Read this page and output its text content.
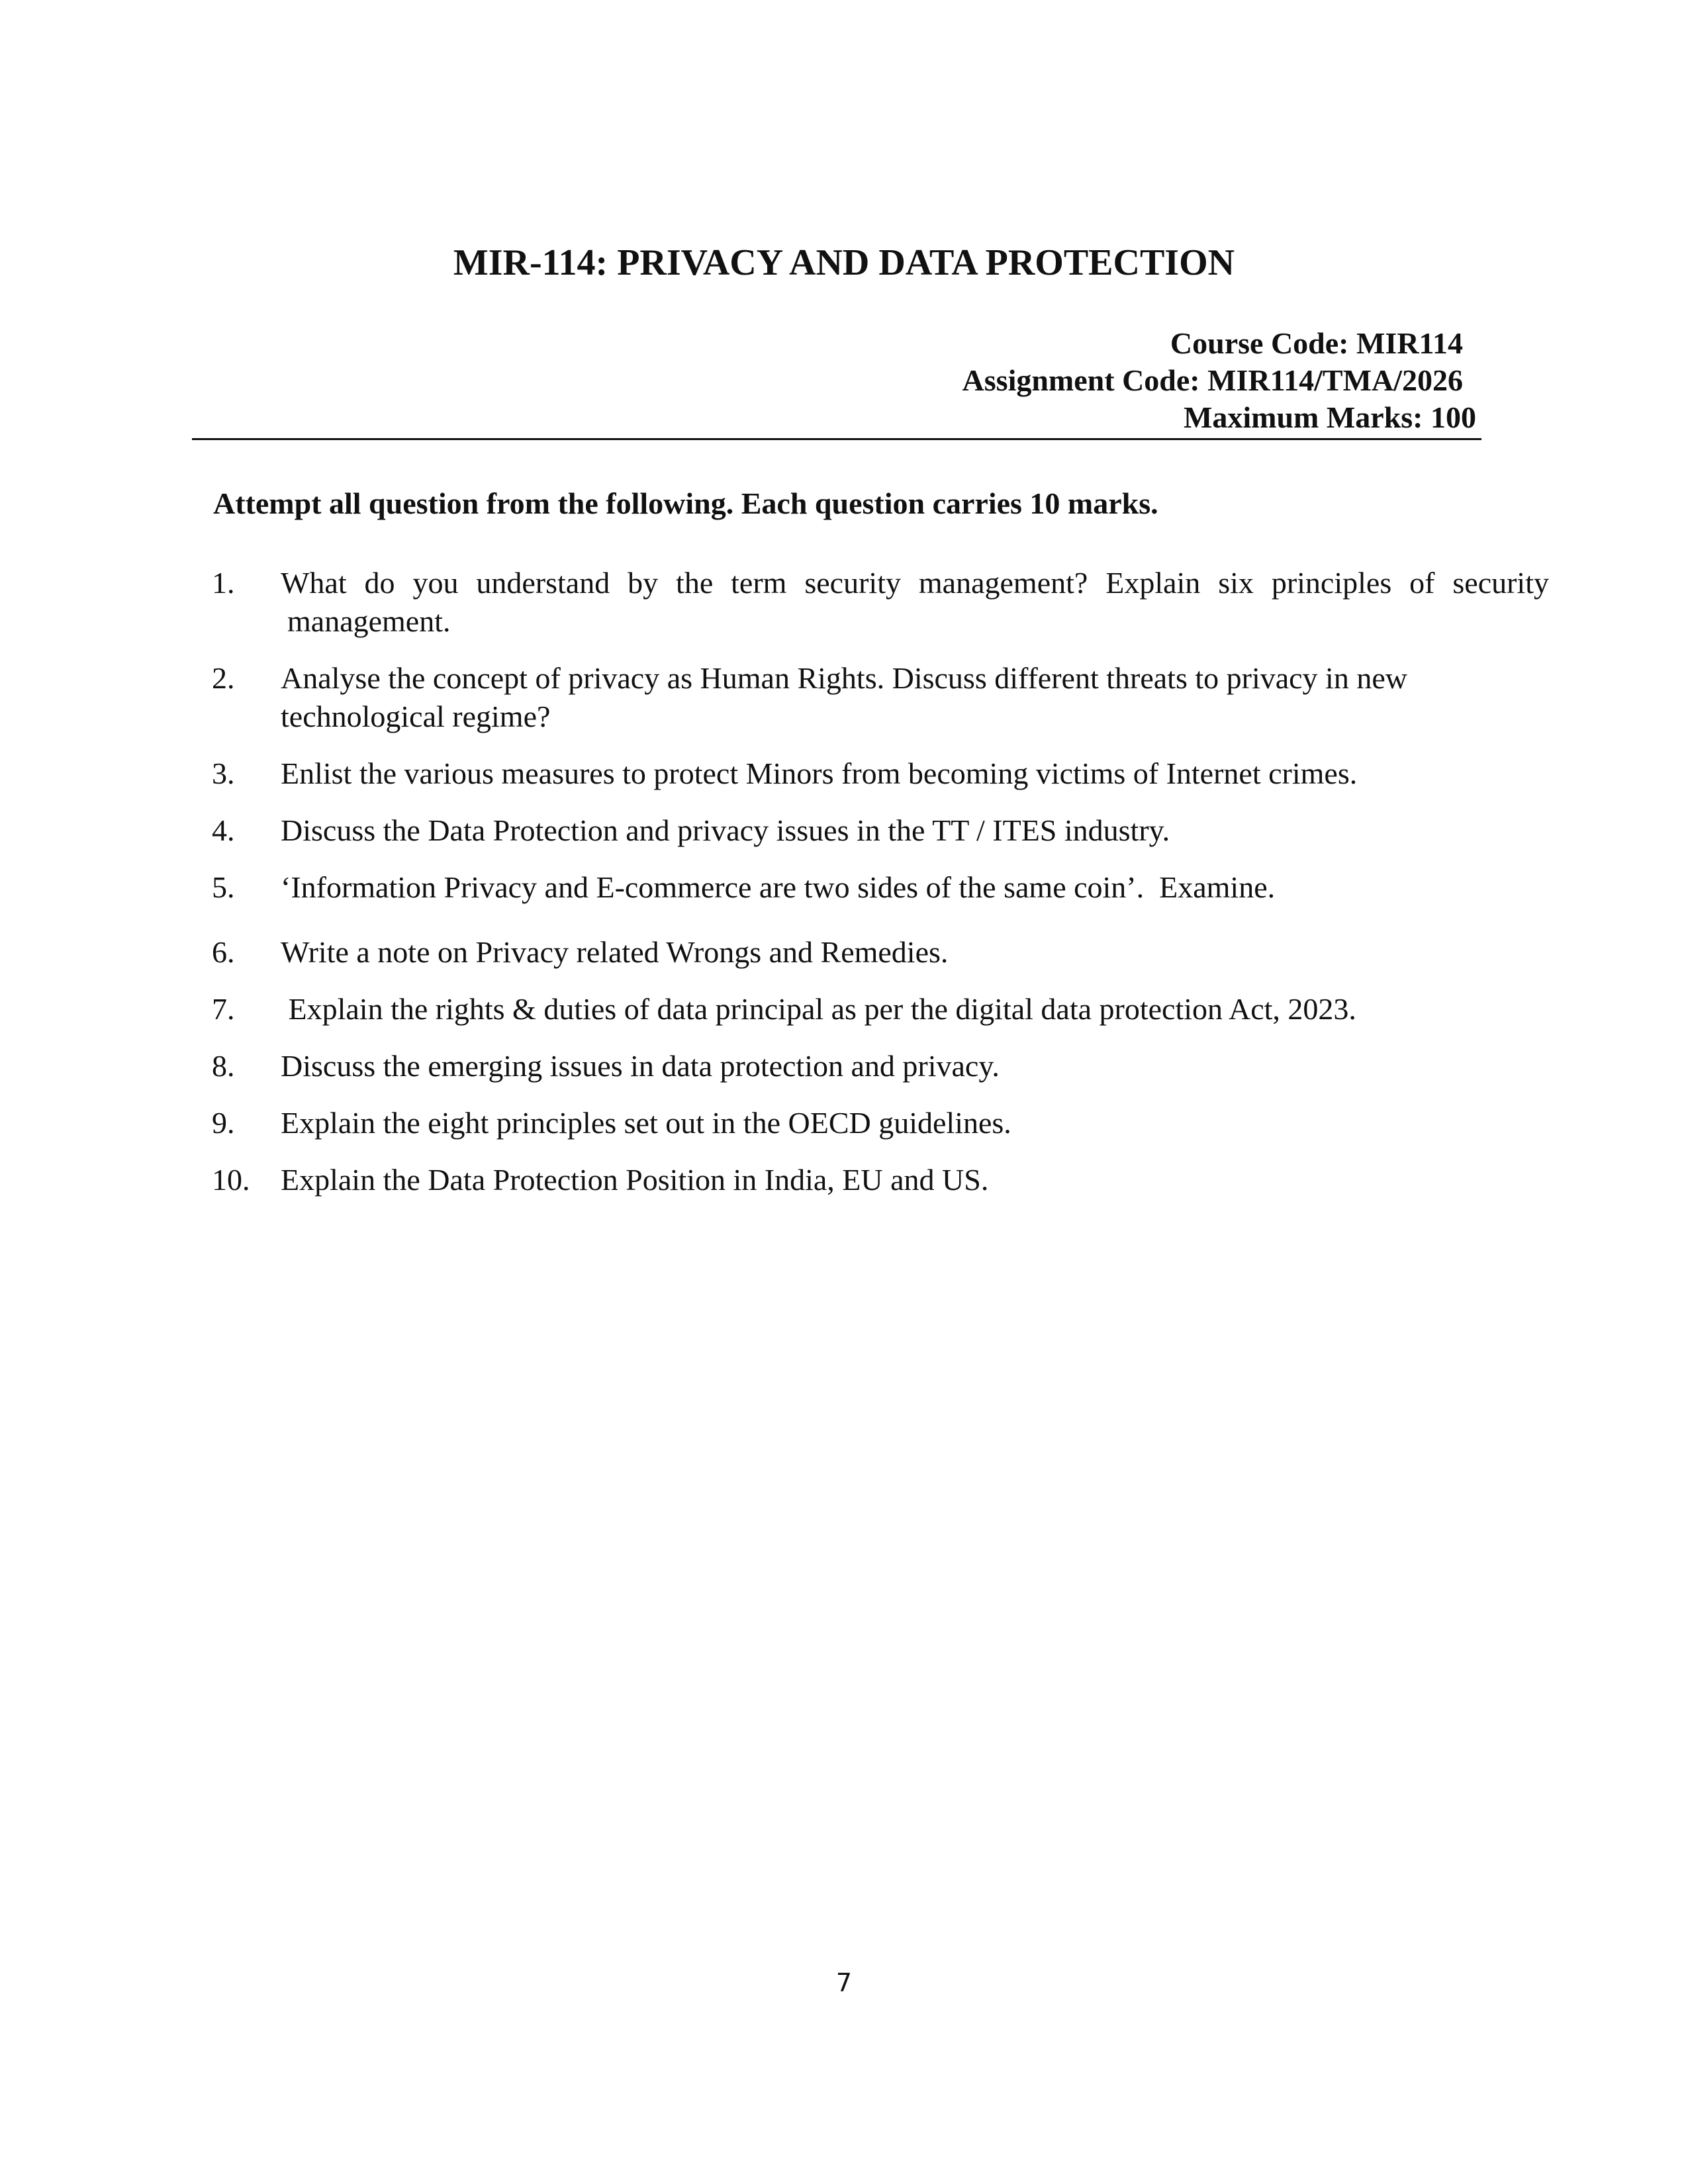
MIR-114: PRIVACY AND DATA PROTECTION
Course Code: MIR114
Assignment Code: MIR114/TMA/2026
Maximum Marks: 100
Attempt all question from the following. Each question carries 10 marks.
1. What do you understand by the term security management? Explain six principles of security
management.
2. Analyse the concept of privacy as Human Rights. Discuss different threats to privacy in new
technological regime?
3. Enlist the various measures to protect Minors from becoming victims of Internet crimes.
4. Discuss the Data Protection and privacy issues in the TT / ITES industry.
5. ‘Information Privacy and E-commerce are two sides of the same coin’.  Examine.
6. Write a note on Privacy related Wrongs and Remedies.
7. Explain the rights & duties of data principal as per the digital data protection Act, 2023.
8. Discuss the emerging issues in data protection and privacy.
9. Explain the eight principles set out in the OECD guidelines.
10. Explain the Data Protection Position in India, EU and US.
7
